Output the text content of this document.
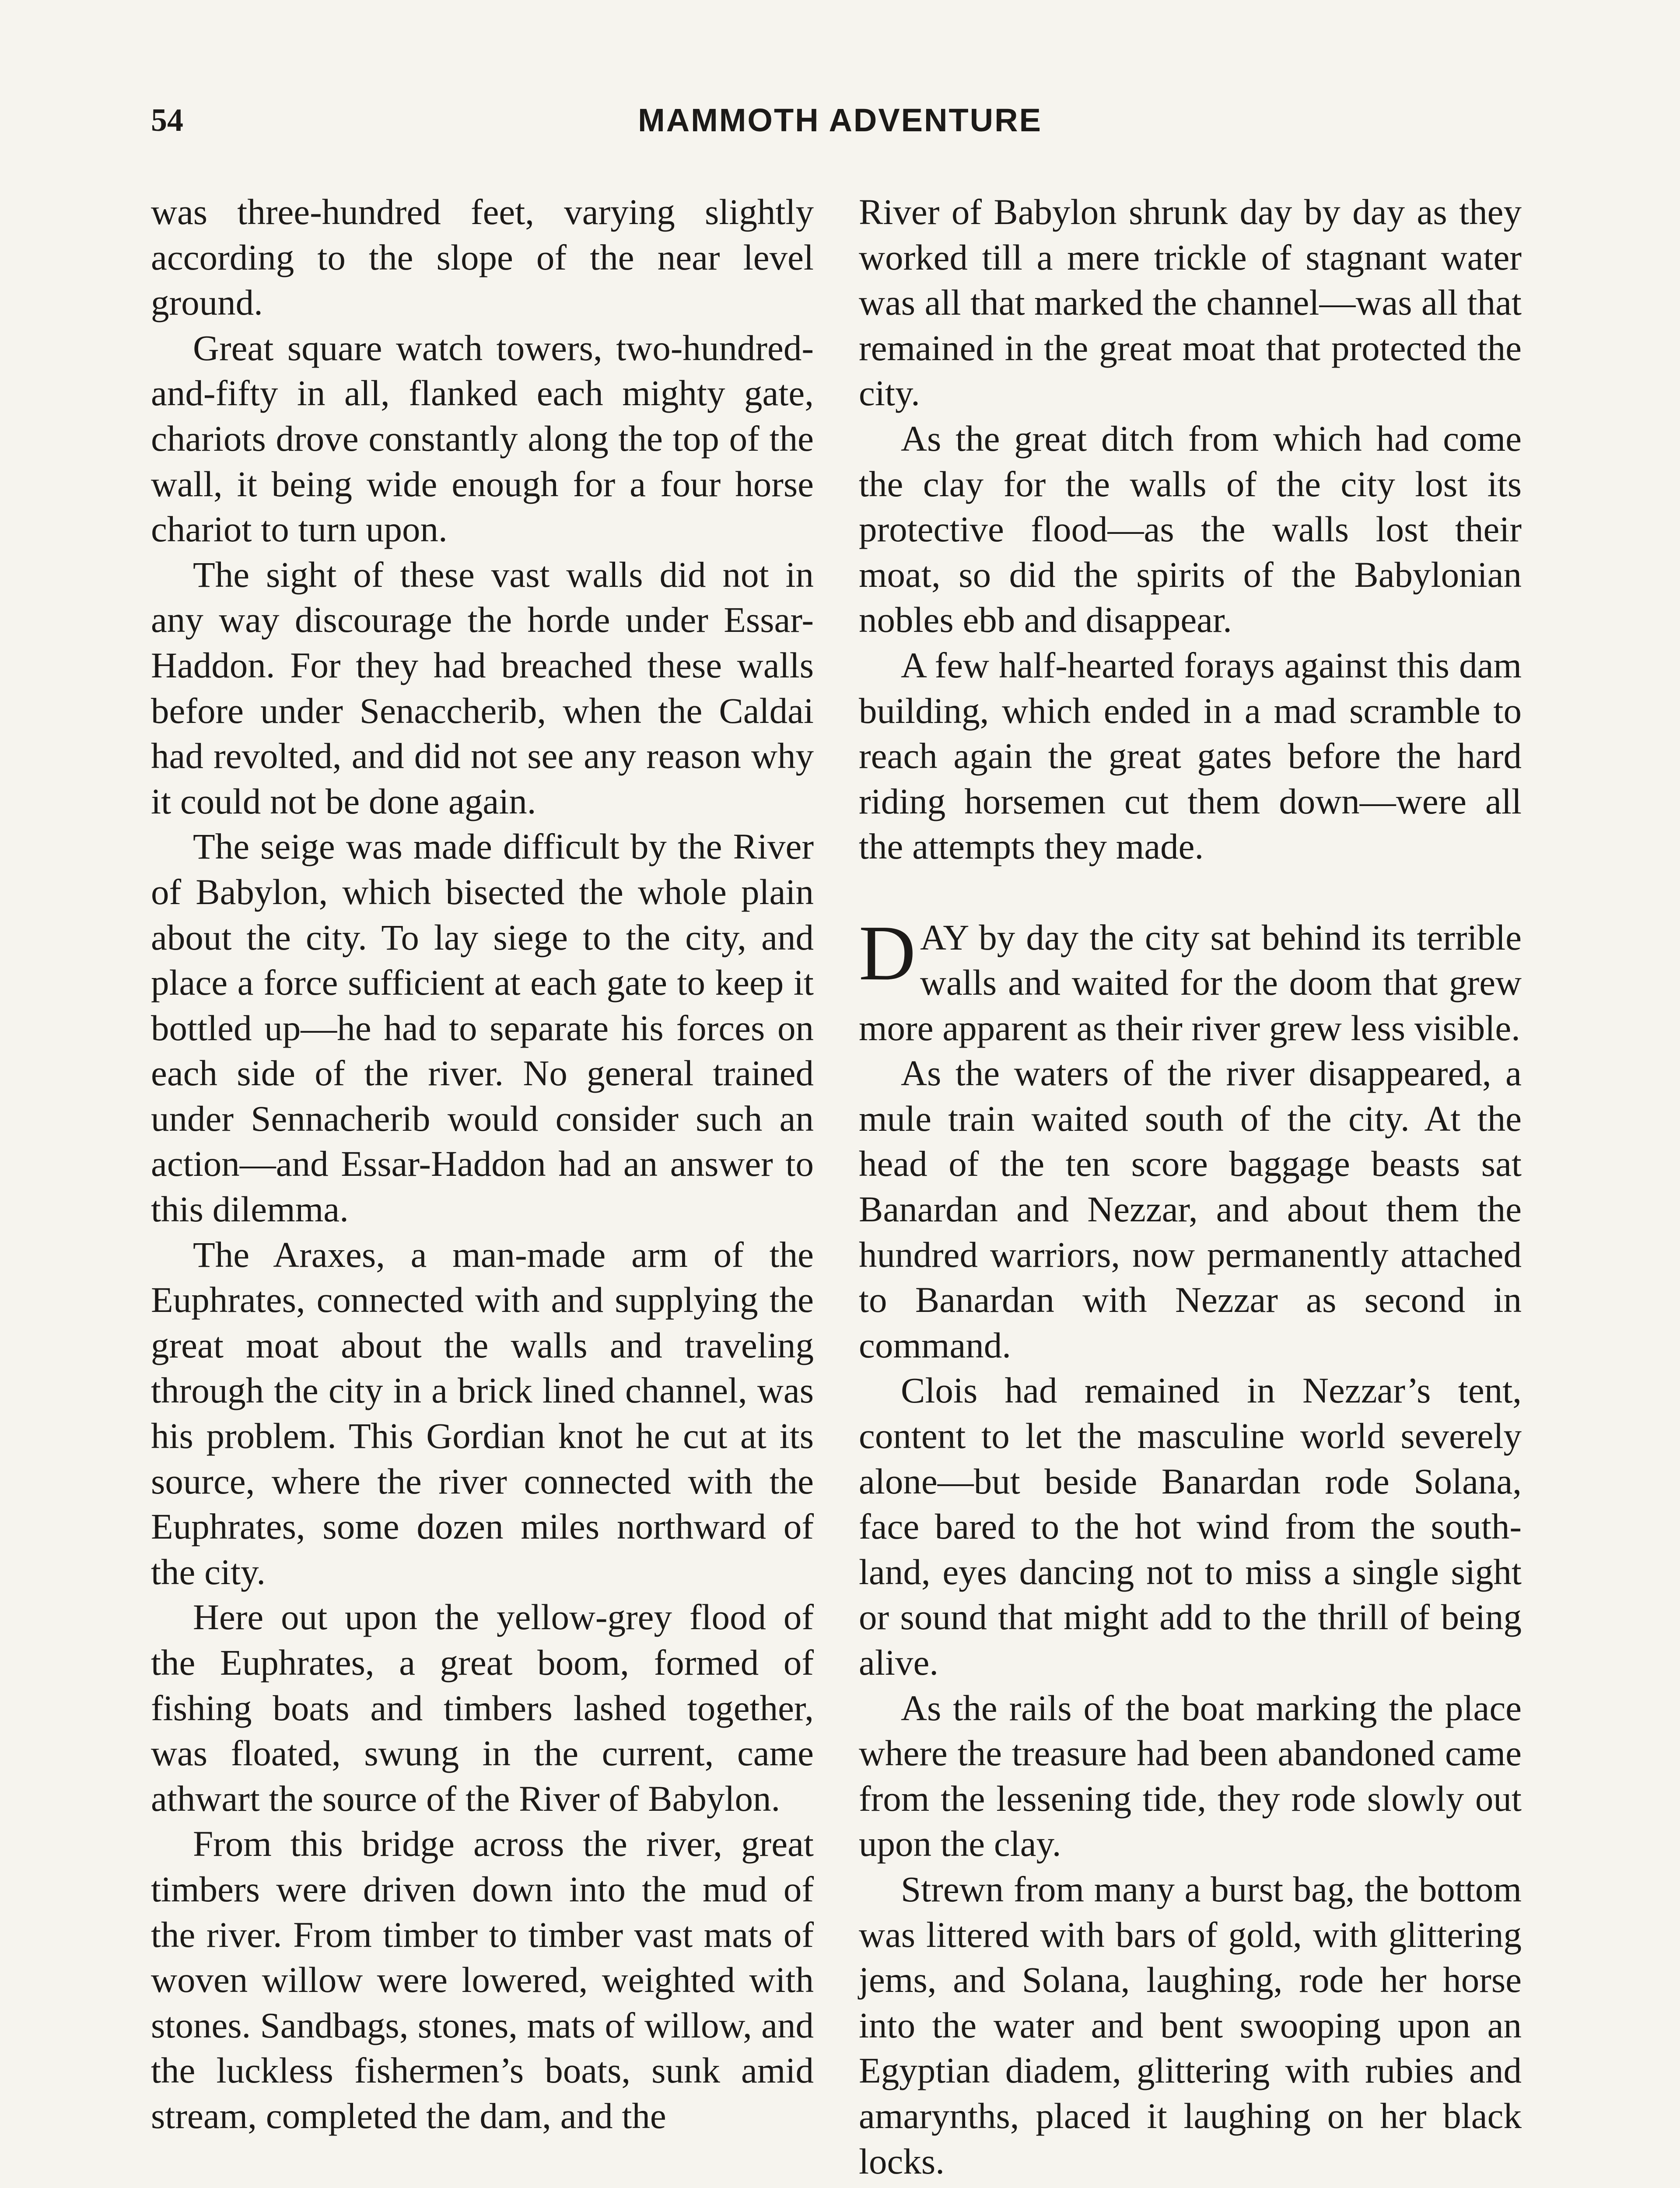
54	MAMMOTH ADVENTURE

was three-hundred feet, varying slightly according to the slope of the near level ground.

Great square watch towers, two-hundred-and-fifty in all, flanked each mighty gate, chariots drove constantly along the top of the wall, it being wide enough for a four horse chariot to turn upon.

The sight of these vast walls did not in any way discourage the horde under Essar-Haddon. For they had breached these walls before under Senaccherib, when the Caldai had revolted, and did not see any reason why it could not be done again.

The seige was made difficult by the River of Babylon, which bisected the whole plain about the city. To lay siege to the city, and place a force sufficient at each gate to keep it bottled up—he had to separate his forces on each side of the river. No general trained under Sennacherib would consider such an action—and Essar-Haddon had an answer to this dilemma.

The Araxes, a man-made arm of the Euphrates, connected with and supplying the great moat about the walls and traveling through the city in a brick lined channel, was his problem. This Gordian knot he cut at its source, where the river connected with the Euphrates, some dozen miles northward of the city.

Here out upon the yellow-grey flood of the Euphrates, a great boom, formed of fishing boats and timbers lashed together, was floated, swung in the current, came athwart the source of the River of Babylon.

From this bridge across the river, great timbers were driven down into the mud of the river. From timber to timber vast mats of woven willow were lowered, weighted with stones. Sandbags, stones, mats of willow, and the luckless fishermen’s boats, sunk amid stream, completed the dam, and the

River of Babylon shrunk day by day as they worked till a mere trickle of stagnant water was all that marked the channel—was all that remained in the great moat that protected the city.

As the great ditch from which had come the clay for the walls of the city lost its protective flood—as the walls lost their moat, so did the spirits of the Babylonian nobles ebb and disappear.

A few half-hearted forays against this dam building, which ended in a mad scramble to reach again the great gates before the hard riding horsemen cut them down—were all the attempts they made.

DAY by day the city sat behind its terrible walls and waited for the doom that grew more apparent as their river grew less visible.

As the waters of the river disappeared, a mule train waited south of the city. At the head of the ten score baggage beasts sat Banardan and Nezzar, and about them the hundred warriors, now permanently attached to Banardan with Nezzar as second in command.

Clois had remained in Nezzar’s tent, content to let the masculine world severely alone—but beside Banardan rode Solana, face bared to the hot wind from the south-land, eyes dancing not to miss a single sight or sound that might add to the thrill of being alive.

As the rails of the boat marking the place where the treasure had been abandoned came from the lessening tide, they rode slowly out upon the clay.

Strewn from many a burst bag, the bottom was littered with bars of gold, with glittering jems, and Solana, laughing, rode her horse into the water and bent swooping upon an Egyptian diadem, glittering with rubies and amarynths, placed it laughing on her black locks.
